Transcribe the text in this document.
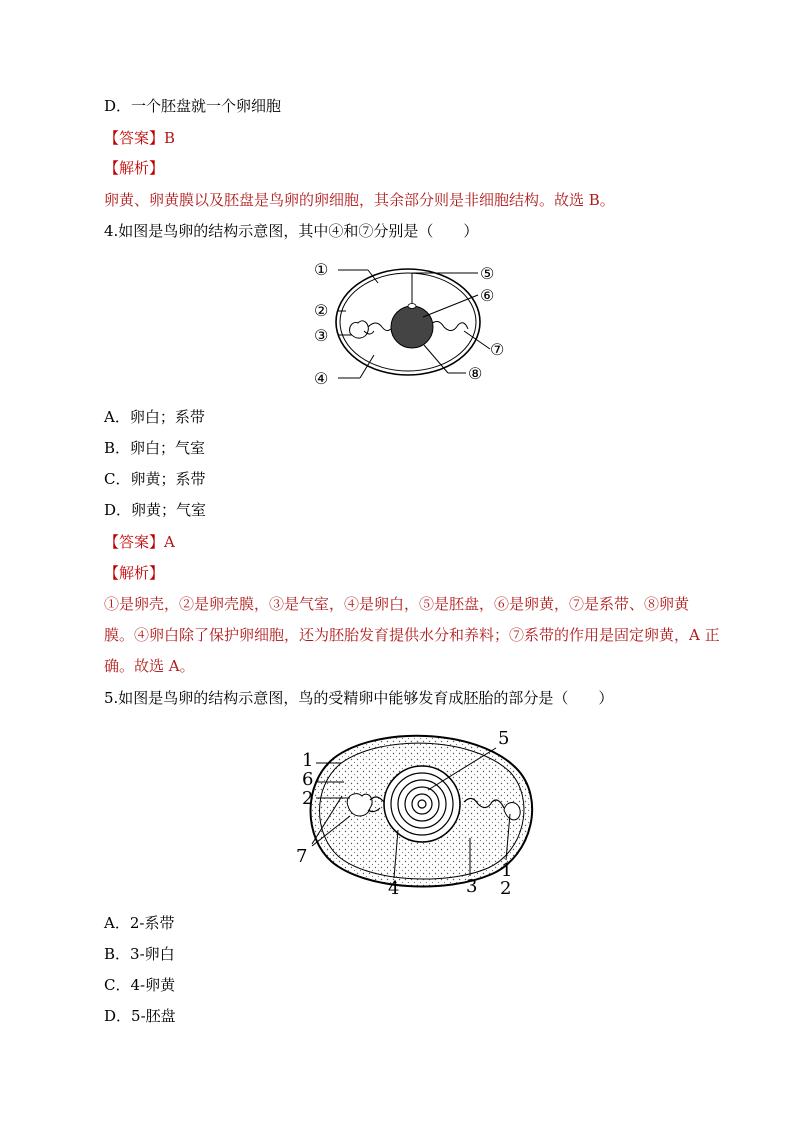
D．一个胚盘就一个卵细胞
【答案】B
【解析】
卵黄、卵黄膜以及胚盘是鸟卵的卵细胞，其余部分则是非细胞结构。故选 B。
4.如图是鸟卵的结构示意图，其中④和⑦分别是（　　）
①
②
③
④
⑤
⑥
⑦
⑧
A．卵白；系带
B．卵白；气室
C．卵黄；系带
D．卵黄；气室
【答案】A
【解析】
①是卵壳，②是卵壳膜，③是气室，④是卵白，⑤是胚盘，⑥是卵黄，⑦是系带、⑧卵黄
膜。④卵白除了保护卵细胞，还为胚胎发育提供水分和养料；⑦系带的作用是固定卵黄，A 正
确。故选 A。
5.如图是鸟卵的结构示意图，鸟的受精卵中能够发育成胚胎的部分是（　　）
1
6
2
7
5
4	3
1
2
A．2-系带
B．3-卵白
C．4-卵黄
D．5-胚盘
